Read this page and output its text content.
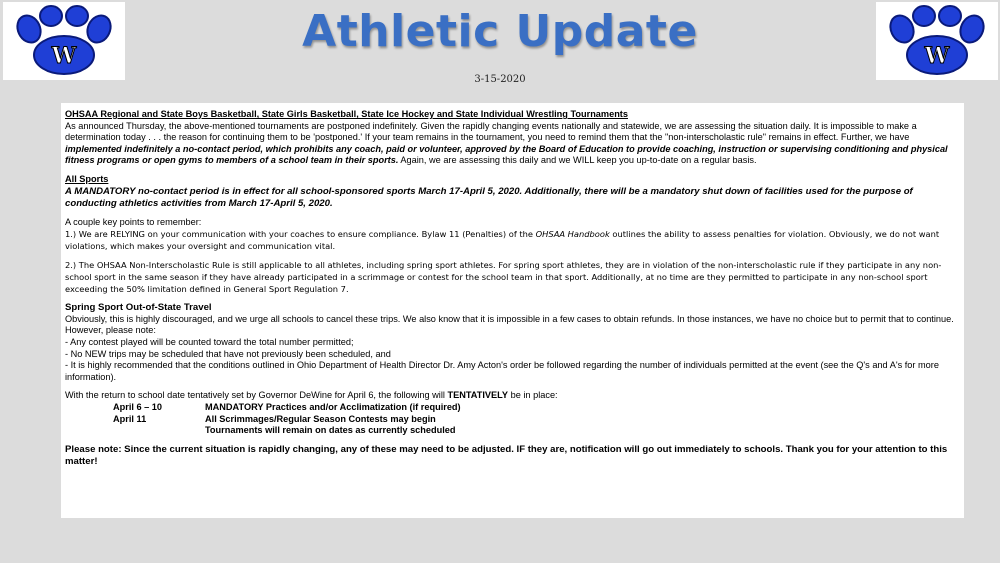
W	W
Athletic Update
3-15-2020

OHSAA Regional and State Boys Basketball, State Girls Basketball, State Ice Hockey and State Individual Wrestling Tournaments

As announced Thursday, the above-mentioned tournaments are postponed indefinitely. Given the rapidly changing events nationally and statewide, we are assessing the situation daily. It is impossible to make a determination today . . . the reason for continuing them to be 'postponed.' If your team remains in the tournament, you need to remind them that the "non-interscholastic rule" remains in effect. Further, we have implemented indefinitely a no-contact period, which prohibits any coach, paid or volunteer, approved by the Board of Education to provide coaching, instruction or supervising conditioning and physical fitness programs or open gyms to members of a school team in their sports. Again, we are assessing this daily and we WILL keep you up-to-date on a regular basis.

All Sports

A MANDATORY no-contact period is in effect for all school-sponsored sports March 17-April 5, 2020. Additionally, there will be a mandatory shut down of facilities used for the purpose of conducting athletics activities from March 17-April 5, 2020.

A couple key points to remember:

1.) We are RELYING on your communication with your coaches to ensure compliance. Bylaw 11 (Penalties) of the OHSAA Handbook outlines the ability to assess penalties for violation. Obviously, we do not want violations, which makes your oversight and communication vital.

2.) The OHSAA Non-Interscholastic Rule is still applicable to all athletes, including spring sport athletes. For spring sport athletes, they are in violation of the non-interscholastic rule if they participate in any non-school sport in the same season if they have already participated in a scrimmage or contest for the school team in that sport. Additionally, at no time are they permitted to participate in any non-school sport exceeding the 50% limitation defined in General Sport Regulation 7.

Spring Sport Out-of-State Travel

Obviously, this is highly discouraged, and we urge all schools to cancel these trips. We also know that it is impossible in a few cases to obtain refunds. In those instances, we have no choice but to permit that to continue. However, please note:

- Any contest played will be counted toward the total number permitted;

- No NEW trips may be scheduled that have not previously been scheduled, and

- It is highly recommended that the conditions outlined in Ohio Department of Health Director Dr. Amy Acton's order be followed regarding the number of individuals permitted at the event (see the Q's and A's for more information).

With the return to school date tentatively set by Governor DeWine for April 6, the following will TENTATIVELY be in place:

April 6 – 10	MANDATORY Practices and/or Acclimatization (if required)
April 11	All Scrimmages/Regular Season Contests may begin
Tournaments will remain on dates as currently scheduled

Please note: Since the current situation is rapidly changing, any of these may need to be adjusted. IF they are, notification will go out immediately to schools. Thank you for your attention to this matter!
